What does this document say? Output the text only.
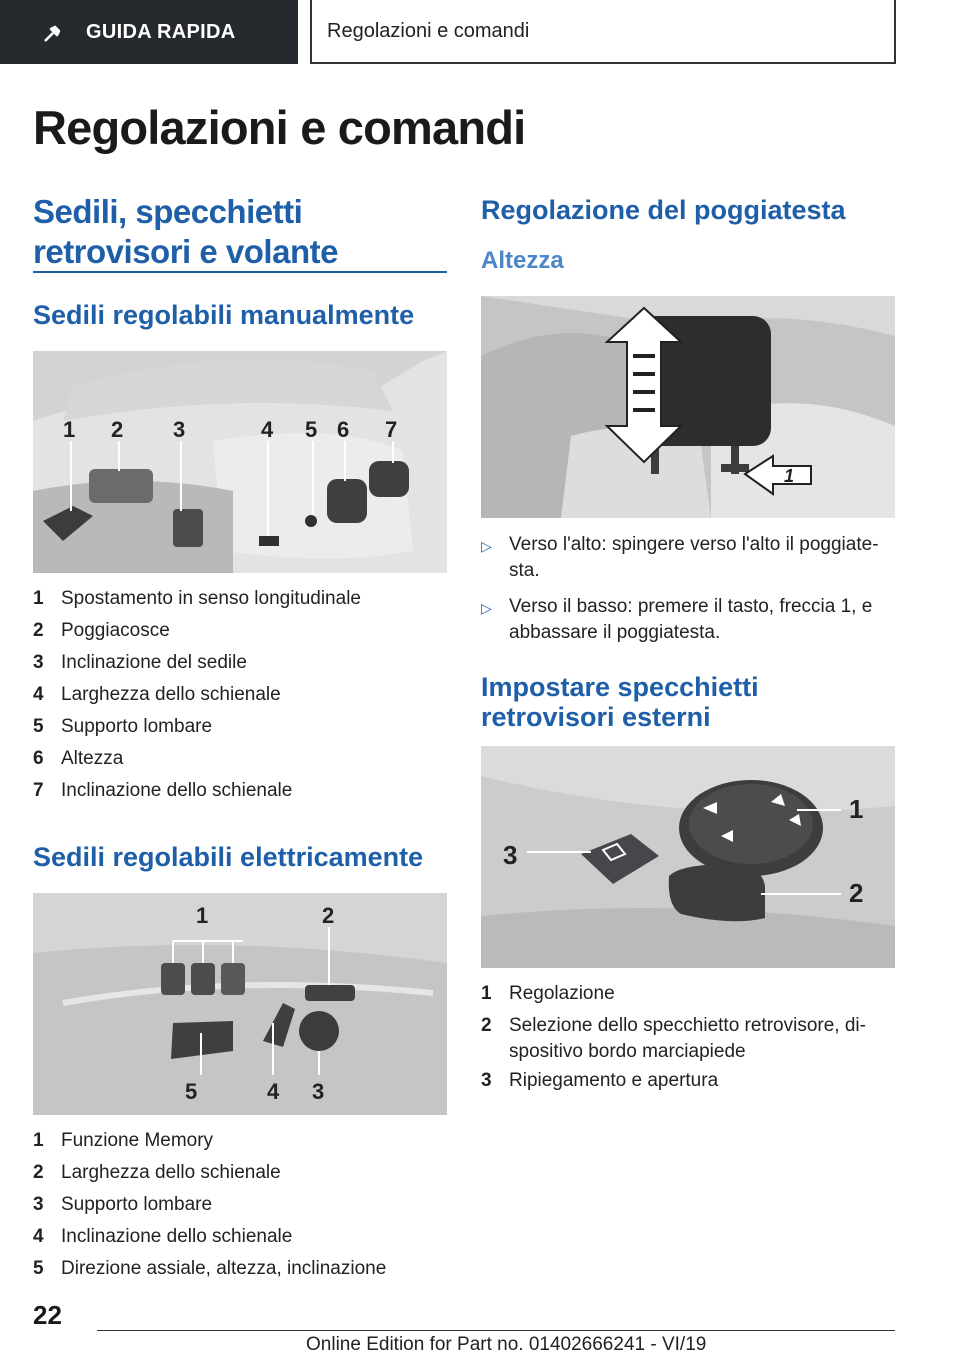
GUIDA RAPIDA	Regolazioni e comandi
Regolazioni e comandi
Sedili, specchietti retrovisori e volante
Sedili regolabili manualmente
1 2 3	4 5 6 7
1 Spostamento in senso longitudinale
2 Poggiacosce
3 Inclinazione del sedile
4 Larghezza dello schienale
5 Supporto lombare
6 Altezza
7 Inclinazione dello schienale
Sedili regolabili elettricamente
1	2
5	4 3
1 Funzione Memory
2 Larghezza dello schienale
3 Supporto lombare
4 Inclinazione dello schienale
5 Direzione assiale, altezza, inclinazione
Regolazione del poggiatesta
Altezza
1
▷ Verso l'alto: spingere verso l'alto il poggiatesta.
▷ Verso il basso: premere il tasto, freccia 1, e abbassare il poggiatesta.
Impostare specchietti retrovisori esterni
1
2
3
1 Regolazione
2 Selezione dello specchietto retrovisore, dispositivo bordo marciapiede
3 Ripiegamento e apertura
22
Online Edition for Part no. 01402666241 - VI/19
